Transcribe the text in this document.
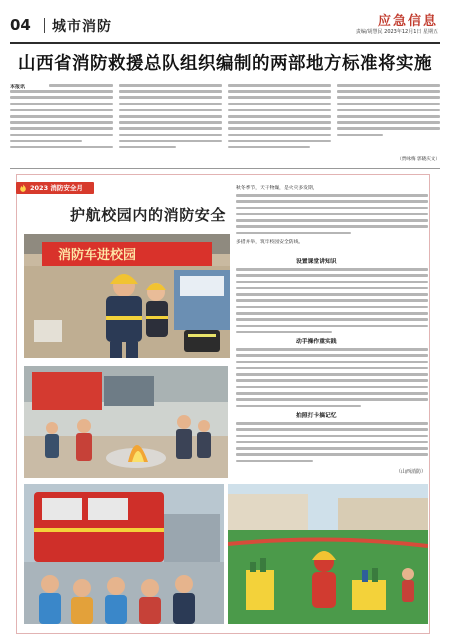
04 城市消防	应急信息
责编/胡慧民 2023年12月1日 星期五
山西省消防救援总队组织编制的两部地方标准将实施
本报讯
（贾咏梅 郭晓庆文）
2023 消防安全月
护航校园内的消防安全
秋冬季节，天干物燥，是火灾多发期，
多措并举，筑牢校园安全防线。
消防车进校园	设置课堂讲知识
动手操作重实践
拍照打卡搞记忆
（山西消防）
